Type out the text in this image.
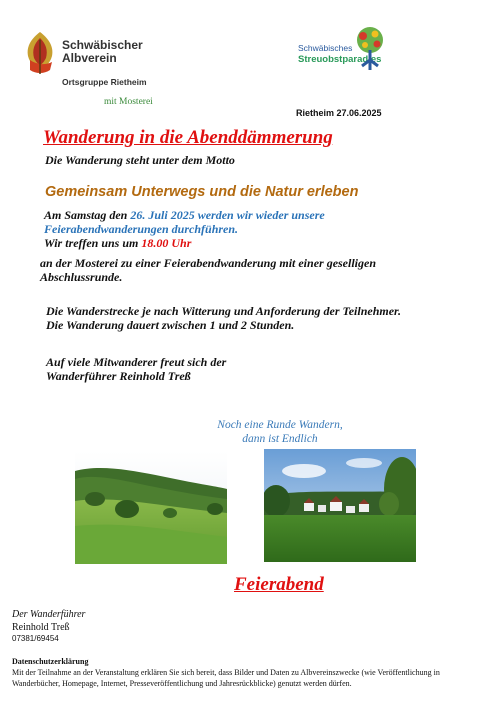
Schwäbischer
Albverein
Ortsgruppe Rietheim
mit Mosterei
Schwäbisches
Streuobstparadies
Rietheim 27.06.2025
Wanderung in die Abenddämmerung
Die Wanderung steht unter dem Motto
Gemeinsam Unterwegs und die Natur erleben
Am Samstag den 26. Juli 2025 werden wir wieder unsere
Feierabendwanderungen durchführen.
Wir treffen uns um 18.00 Uhr
an der Mosterei zu einer Feierabendwanderung mit einer geselligen Abschlussrunde.
Die Wanderstrecke je nach Witterung und Anforderung der Teilnehmer.
Die Wanderung dauert zwischen 1 und 2 Stunden.
Auf viele Mitwanderer freut sich der
Wanderführer Reinhold Treß
Noch eine Runde Wandern,
dann ist Endlich
Feierabend
Der Wanderführer
Reinhold Treß
07381/69454
Datenschutzerklärung
Mit der Teilnahme an der Veranstaltung erklären Sie sich bereit, dass Bilder und Daten zu Albvereinszwecke (wie Veröffentlichung in Wanderbücher, Homepage, Internet, Presseveröffentlichung und Jahresrückblicke) genutzt werden dürfen.
